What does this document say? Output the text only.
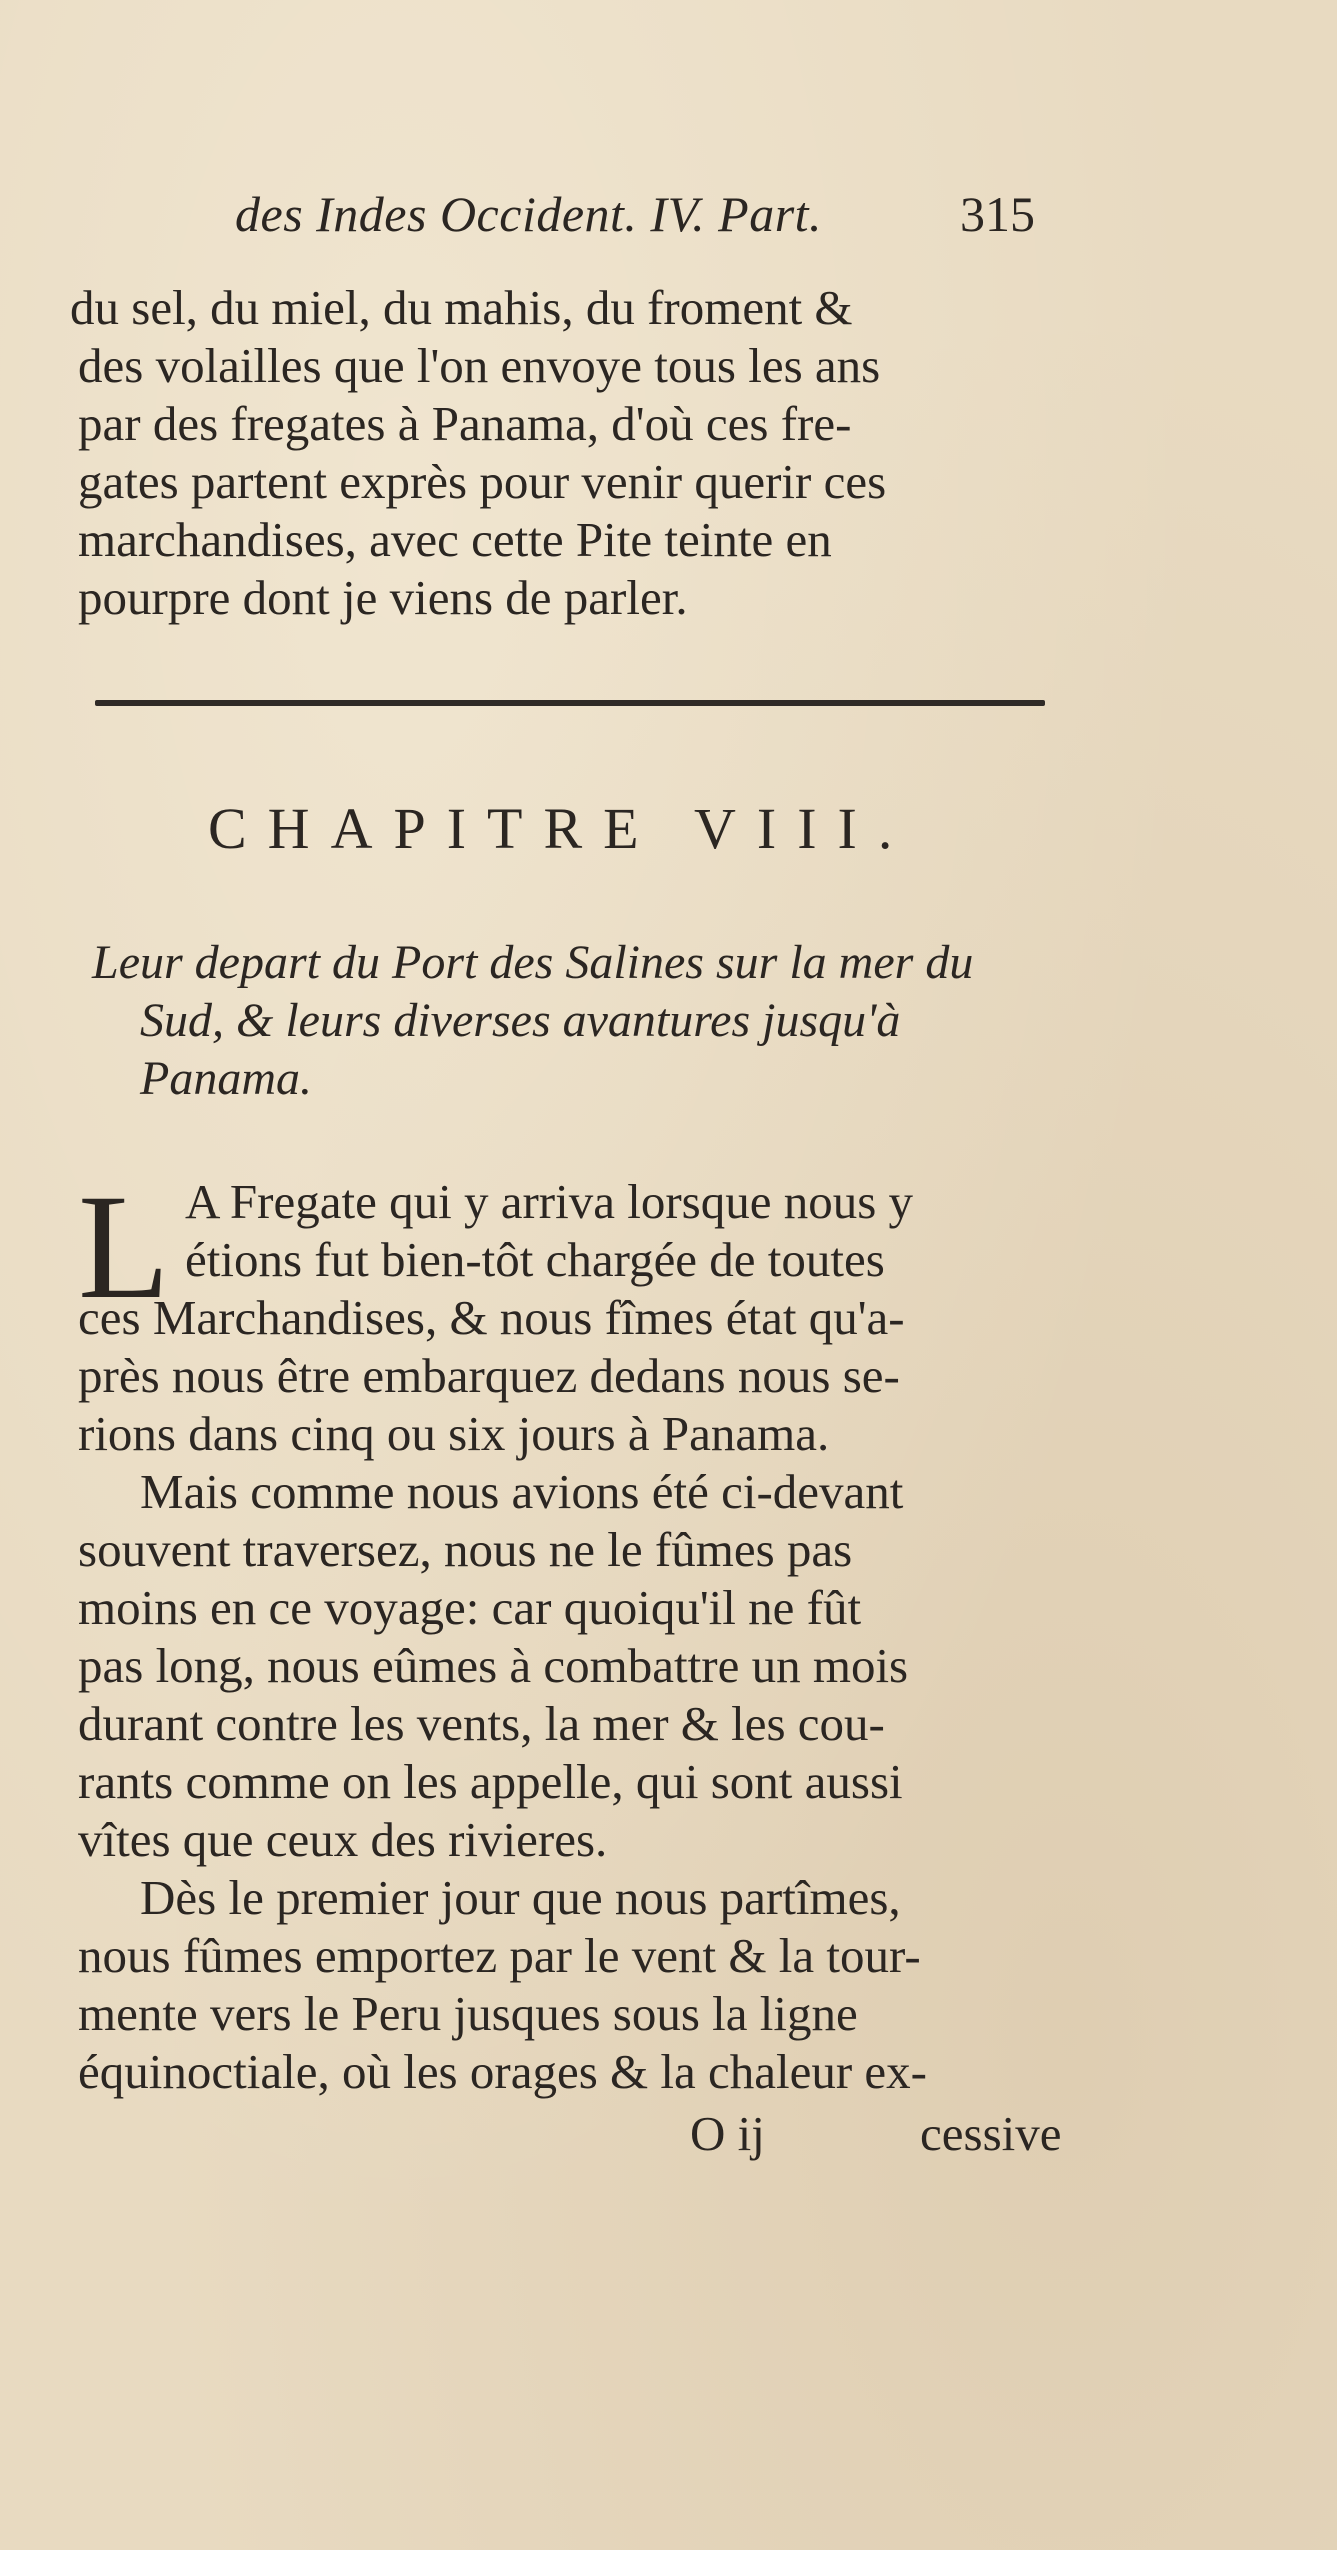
des Indes Occident. IV. Part.	315
du sel, du miel, du mahis, du froment &
des volailles que l'on envoye tous les ans
par des fregates à Panama, d'où ces fre-
gates partent exprès pour venir querir ces
marchandises, avec cette Pite teinte en
pourpre dont je viens de parler.
CHAPITRE VIII.
Leur depart du Port des Salines sur la mer du
Sud, & leurs diverses avantures jusqu'à
Panama.
L A Fregate qui y arriva lorsque nous y
étions fut bien-tôt chargée de toutes
ces Marchandises, & nous fîmes état qu'a-
près nous être embarquez dedans nous se-
rions dans cinq ou six jours à Panama.
Mais comme nous avions été ci-devant
souvent traversez, nous ne le fûmes pas
moins en ce voyage: car quoiqu'il ne fût
pas long, nous eûmes à combattre un mois
durant contre les vents, la mer & les cou-
rants comme on les appelle, qui sont aussi
vîtes que ceux des rivieres.
Dès le premier jour que nous partîmes,
nous fûmes emportez par le vent & la tour-
mente vers le Peru jusques sous la ligne
équinoctiale, où les orages & la chaleur ex-
O ij	cessive
